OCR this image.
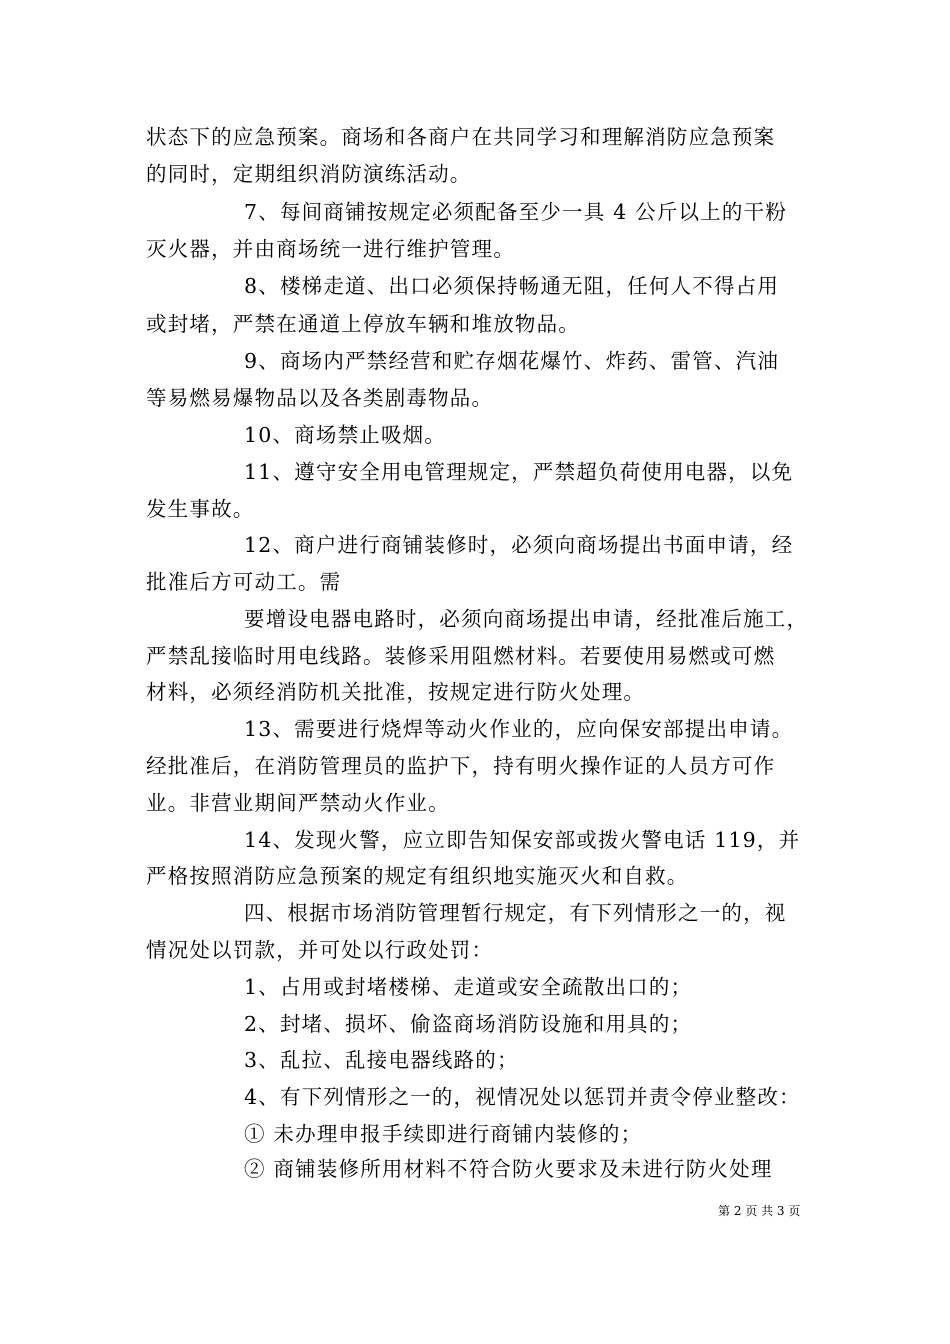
状态下的应急预案。商场和各商户在共同学习和理解消防应急预案
的同时，定期组织消防演练活动。
7、每间商铺按规定必须配备至少一具 4 公斤以上的干粉
灭火器，并由商场统一进行维护管理。
8、楼梯走道、出口必须保持畅通无阻，任何人不得占用
或封堵，严禁在通道上停放车辆和堆放物品。
9、商场内严禁经营和贮存烟花爆竹、炸药、雷管、汽油
等易燃易爆物品以及各类剧毒物品。
10、商场禁止吸烟。
11、遵守安全用电管理规定，严禁超负荷使用电器，以免
发生事故。
12、商户进行商铺装修时，必须向商场提出书面申请，经
批准后方可动工。需
要增设电器电路时，必须向商场提出申请，经批准后施工，
严禁乱接临时用电线路。装修采用阻燃材料。若要使用易燃或可燃
材料，必须经消防机关批准，按规定进行防火处理。
13、需要进行烧焊等动火作业的，应向保安部提出申请。
经批准后，在消防管理员的监护下，持有明火操作证的人员方可作
业。非营业期间严禁动火作业。
14、发现火警，应立即告知保安部或拨火警电话 119，并
严格按照消防应急预案的规定有组织地实施灭火和自救。
四、根据市场消防管理暂行规定，有下列情形之一的，视
情况处以罚款，并可处以行政处罚：
1、占用或封堵楼梯、走道或安全疏散出口的；
2、封堵、损坏、偷盗商场消防设施和用具的；
3、乱拉、乱接电器线路的；
4、有下列情形之一的，视情况处以惩罚并责令停业整改：
① 未办理申报手续即进行商铺内装修的；
② 商铺装修所用材料不符合防火要求及未进行防火处理
第 2 页 共 3 页
